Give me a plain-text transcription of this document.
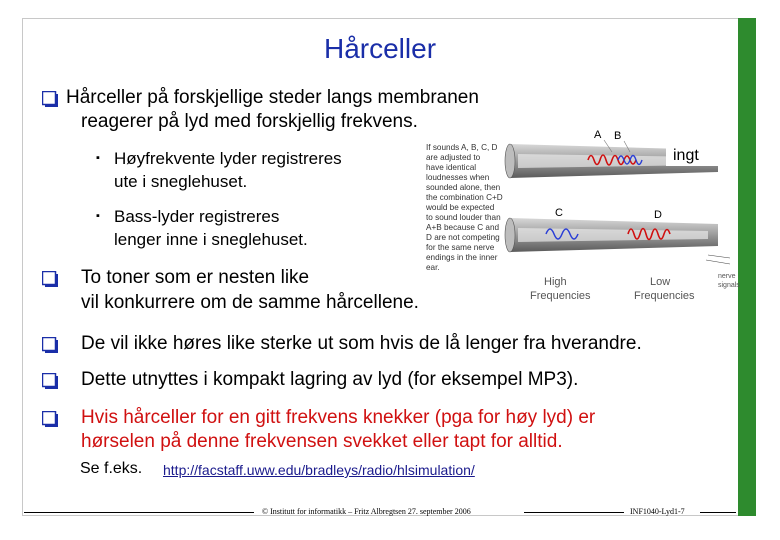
Hårceller
Hårceller på forskjellige steder langs membranen
reagerer på lyd med forskjellig frekvens.
▪ Høyfrekvente lyder registreres
ute i sneglehuset.
▪ Bass-lyder registreres
lenger inne i sneglehuset.
To toner som er nesten like
vil konkurrere om de samme hårcellene.
De vil ikke høres like sterke ut som hvis de lå lenger fra hverandre.
Dette utnyttes i kompakt lagring av lyd (for eksempel MP3).
Hvis hårceller for en gitt frekvens knekker (pga for høy lyd) er
hørselen på denne frekvensen svekket eller tapt for alltid.
Se f.eks. http://facstaff.uww.edu/bradleys/radio/hlsimulation/
If sounds A, B, C, D
are adjusted to
have identical
loudnesses when
sounded alone, then
the combination C+D
would be expected
to sound louder than
A+B because C and
D are not competing
for the same nerve
endings in the inner
ear.
A B
ingt
C	D
High
Frequencies
Low
Frequencies
nerve
signals
© Institutt for informatikk – Fritz Albregtsen 27. september 2006	INF1040-Lyd1-7
